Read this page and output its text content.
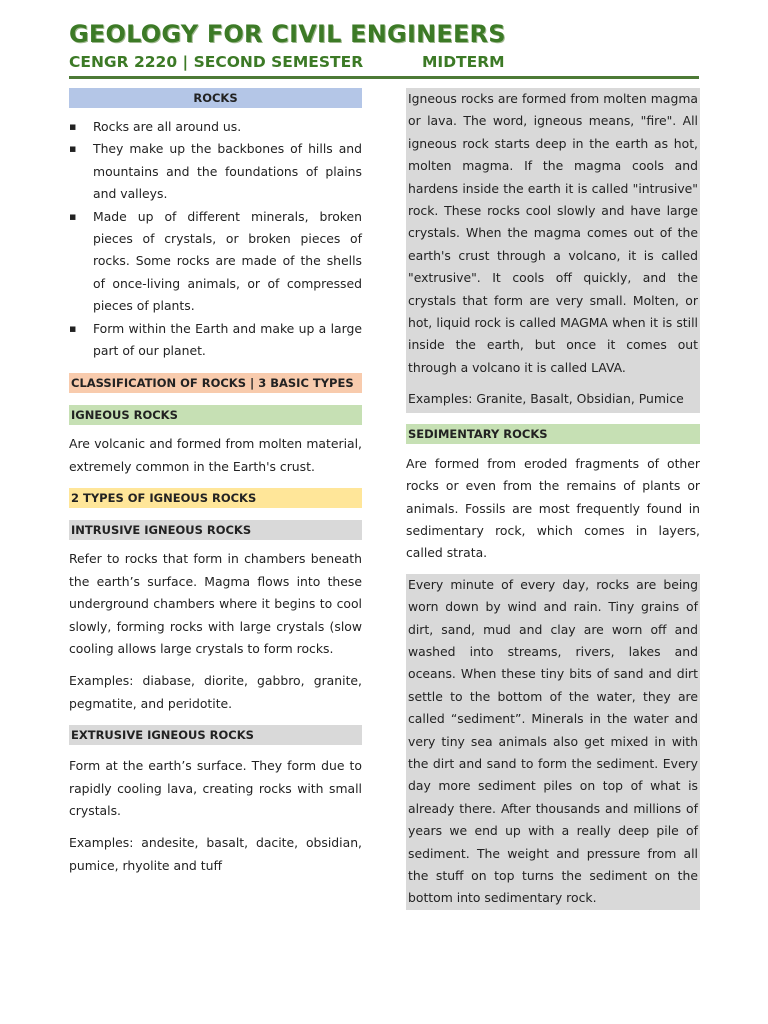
GEOLOGY FOR CIVIL ENGINEERS
CENGR 2220 | SECOND SEMESTER	MIDTERM
ROCKS
▪ Rocks are all around us.
▪ They make up the backbones of hills and mountains and the foundations of plains and valleys.
▪ Made up of different minerals, broken pieces of crystals, or broken pieces of rocks. Some rocks are made of the shells of once-living animals, or of compressed pieces of plants.
▪ Form within the Earth and make up a large part of our planet.
CLASSIFICATION OF ROCKS | 3 BASIC TYPES
IGNEOUS ROCKS

Are volcanic and formed from molten material, extremely common in the Earth's crust.

2 TYPES OF IGNEOUS ROCKS
INTRUSIVE IGNEOUS ROCKS

Refer to rocks that form in chambers beneath the earth’s surface. Magma flows into these underground chambers where it begins to cool slowly, forming rocks with large crystals (slow cooling allows large crystals to form rocks.

Examples: diabase, diorite, gabbro, granite, pegmatite, and peridotite.

EXTRUSIVE IGNEOUS ROCKS

Form at the earth’s surface. They form due to rapidly cooling lava, creating rocks with small crystals.

Examples: andesite, basalt, dacite, obsidian, pumice, rhyolite and tuff

Igneous rocks are formed from molten magma or lava. The word, igneous means, "fire". All igneous rock starts deep in the earth as hot, molten magma. If the magma cools and hardens inside the earth it is called "intrusive" rock. These rocks cool slowly and have large crystals. When the magma comes out of the earth's crust through a volcano, it is called "extrusive". It cools off quickly, and the crystals that form are very small. Molten, or hot, liquid rock is called MAGMA when it is still inside the earth, but once it comes out through a volcano it is called LAVA.

Examples: Granite, Basalt, Obsidian, Pumice

SEDIMENTARY ROCKS

Are formed from eroded fragments of other rocks or even from the remains of plants or animals. Fossils are most frequently found in sedimentary rock, which comes in layers, called strata.

Every minute of every day, rocks are being worn down by wind and rain. Tiny grains of dirt, sand, mud and clay are worn off and washed into streams, rivers, lakes and oceans. When these tiny bits of sand and dirt settle to the bottom of the water, they are called “sediment”. Minerals in the water and very tiny sea animals also get mixed in with the dirt and sand to form the sediment. Every day more sediment piles on top of what is already there. After thousands and millions of years we end up with a really deep pile of sediment. The weight and pressure from all the stuff on top turns the sediment on the bottom into sedimentary rock.
